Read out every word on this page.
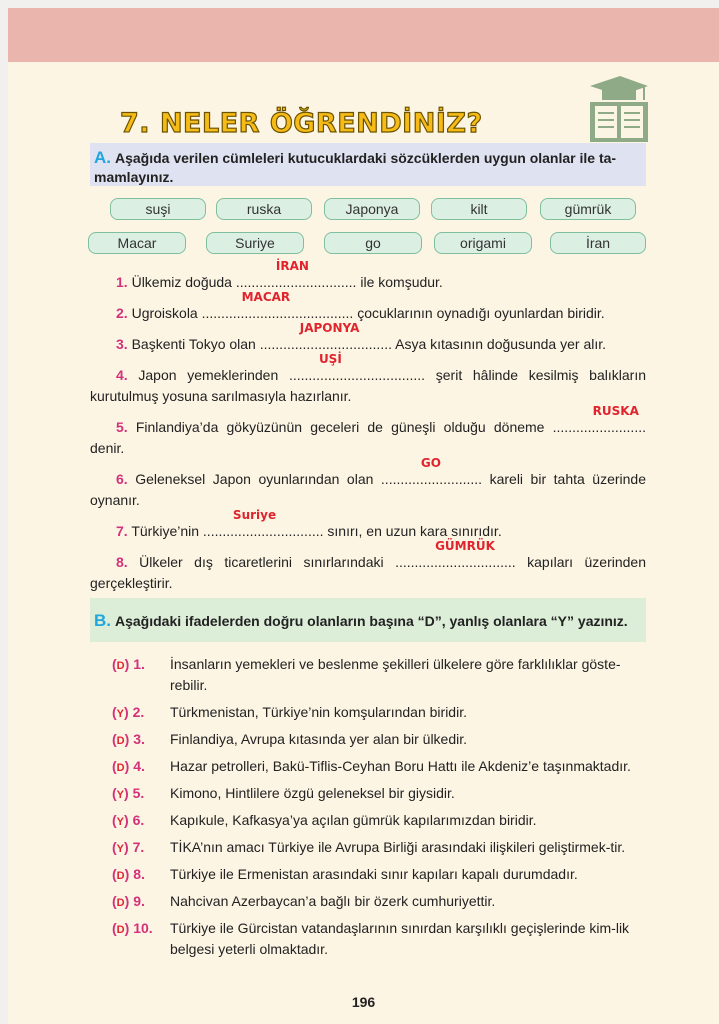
7. NELER ÖĞRENDİNİZ?
A. Aşağıda verilen cümleleri kutucuklardaki sözcüklerden uygun olanlar ile ta-mamlayınız.
suşi	ruska	Japonya	kilt	gümrük
Macar	Suriye	go	origami	İran
1. Ülkemiz doğuda ...............................
İRAN
ile komşudur.
2. Ugroiskola .......................................
MACAR
çocuklarının oynadığı oyunlardan biridir.
3. Başkenti Tokyo olan ..................................
JAPONYA
Asya kıtasının doğusunda yer alır.
4. Japon yemeklerinden ...................................
UŞİ
şerit hâlinde kesilmiş balıkların kurutulmuş yosuna sarılmasıyla hazırlanır.
5. Finlandiya’da gökyüzünün geceleri de güneşli olduğu döneme ........................
RUSKA
denir.
6. Geleneksel Japon oyunlarından olan ..........................
GO
kareli bir tahta üzerinde oynanır.
7. Türkiye’nin ...............................
Suriye
sınırı, en uzun kara sınırıdır.
8. Ülkeler dış ticaretlerini sınırlarındaki ...............................
GÜMRÜK
kapıları üzerinden gerçekleştirir.
B. Aşağıdaki ifadelerden doğru olanların başına “D”, yanlış olanlara “Y” yazınız.
(D) 1. İnsanların yemekleri ve beslenme şekilleri ülkelere göre farklılıklar göste-rebilir.
(Y) 2. Türkmenistan, Türkiye’nin komşularından biridir.
(D) 3. Finlandiya, Avrupa kıtasında yer alan bir ülkedir.
(D) 4. Hazar petrolleri, Bakü-Tiflis-Ceyhan Boru Hattı ile Akdeniz’e taşınmaktadır.
(Y) 5. Kimono, Hintlilere özgü geleneksel bir giysidir.
(Y) 6. Kapıkule, Kafkasya’ya açılan gümrük kapılarımızdan biridir.
(Y) 7. TİKA’nın amacı Türkiye ile Avrupa Birliği arasındaki ilişkileri geliştirmek-tir.
(D) 8. Türkiye ile Ermenistan arasındaki sınır kapıları kapalı durumdadır.
(D) 9. Nahcivan Azerbaycan’a bağlı bir özerk cumhuriyettir.
(D) 10. Türkiye ile Gürcistan vatandaşlarının sınırdan karşılıklı geçişlerinde kim-lik belgesi yeterli olmaktadır.
196
